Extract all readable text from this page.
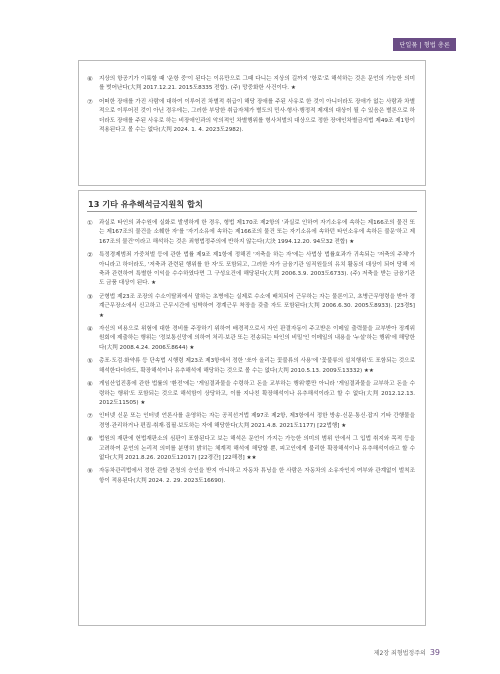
단일묶 | 형법 총론
⑥	지상의 항공기가 이륙할 때 '운항 중'이 된다는 이유만으로 그때 다니는 지상의 길까지 '항로'로 해석하는 것은 문언의 가능한 의미를 벗어난다(大判 2017.12.21. 2015도8335 전합). (주) 망중화한 사건이다. ★
⑦	어떠한 장애를 가진 사람에 대하여 이루어진 차별적 취급이 해당 장애를 주된 사유로 한 것이 아니더라도 장애가 없는 사람과 차별적으로 이루어진 것이 아닌 경우에는, 그러한 부당한 취급자체가 별도의 민사·형사·행정적 제재의 대상이 될 수 있음은 별론으로 하더라도 장애를 주된 사유로 하는 비장애인과의 악의적인 차별행위를 형사처벌의 대상으로 정한 장애인차별금지법 제49조 제1항이 적용된다고 볼 수는 없다(大判 2024. 1. 4. 2023도2982).
13 기타 유추해석금지원칙 합치
①	과실로 타인의 과수원에 실화로 발생하게 한 경우, 형법 제170조 제2항의 '과실로 인하여 자기소유에 속하는 제166조의 물건 또는 제167조의 물건을 소훼한 자'를 '자기소유에 속하는 제166조의 물건 또는 자기소유에 속하던 타인소유에 속하든 불문'하고 제167조의 물건'이라고 해석하는 것은 죄형법정주의에 반하지 않는다(大決 1994.12.20. 94모32 전합) ★
②	특정경제범죄 가중처벌 등에 관한 법률 제9조 제1항에 정해진 '저축을 하는 자'에는 사법상 법률효과가 귀속되는 '저축의 주체'가 아니라고 하더라도, '저축과 관련된 행위를 한 자'도 포함되고, 그러한 자가 금융기관 임직원들의 유치 활동의 대상이 되어 당해 저축과 관련하여 특별한 이익을 수수하였다면 그 구성요건에 해당된다(大判 2006.3.9. 2003도6733). (주) 저축을 받는 금융기관도 금품 대상이 된다. ★
③	군형법 제23조 조장의 수소이탈죄에서 말하는 초병에는 실제로 수소에 배치되어 근무하는 자는 물론이고, 초병근무명령을 받아 경계근무장소에서 신고하고 근무시간에 임박하여 경계근무 착장을 갖출 자도 포함된다(大判 2006.6.30. 2005도8933). [23경5] ★
④	자신의 비용으로 위험에 대한 경비를 주장하기 위하여 배경적으로서 자인 판결자동이 주고받은 이메일 출력물을 교부받아 징계위원회에 제출하는 행위는 '정보통신망에 의하여 처리·보관 또는 전송되는 타인의 비밀'인 이메일의 내용을 '누설'하는 행위'에 해당한다(大判 2008.4.24. 2006도8644) ★
⑤	총포·도검·화약류 등 단속법 시행령 제23조 제3항에서 정한 '쏘아 올리는 꽃불류의 사용'에 '꽃불류의 설치행위'도 포함되는 것으로 해석한다더라도, 확장해석이나 유추해석에 해당하는 것으로 볼 수는 없다(大判 2010.5.13. 2009도13332) ★★
⑥	게임산업진흥에 관한 법률의 '환전'에는 '게임결과물을 수령하고 돈을 교부하는 행위'뿐만 아니라 '게임결과물을 교부하고 돈을 수령하는 행위'도 포함되는 것으로 해석함이 상당하고, 이를 지나친 확장해석이나 유추해석이라고 할 수 없다(大判 2012.12.13. 2012도11505) ★
⑦	인터넷 신문 또는 인터넷 언론사를 운영하는 자는 공직선거법 제97조 제2항, 제3항에서 정한 방송·신문·통신·잡지 기타 간행물을 경영·관리하거나 편집·취재·집필·보도하는 자에 해당한다(大判 2021.4.8. 2021도1177) [22법행] ★
⑧	법원의 재판에 헌법재판소의 심판이 포함된다고 보는 해석은 문언이 가지는 가능한 의미의 범위 안에서 그 입법 취지와 목적 등을 고려하여 문언의 논리적 의미를 분명히 밝히는 체계적 해석에 해당할 뿐, 피고인에게 불리한 확장해석이나 유추해석이라고 할 수 없다(大判 2021.8.26. 2020도12017) [22경간] [22해경] ★★
⑨	자동차관리법에서 정한 관할 관청의 승인을 받지 아니하고 자동차 튜닝을 한 사람은 자동차의 소유자인지 여부와 관계없이 벌칙조항이 적용된다(大判 2024. 2. 29. 2023도16690).
제2장 죄형법정주의 39
